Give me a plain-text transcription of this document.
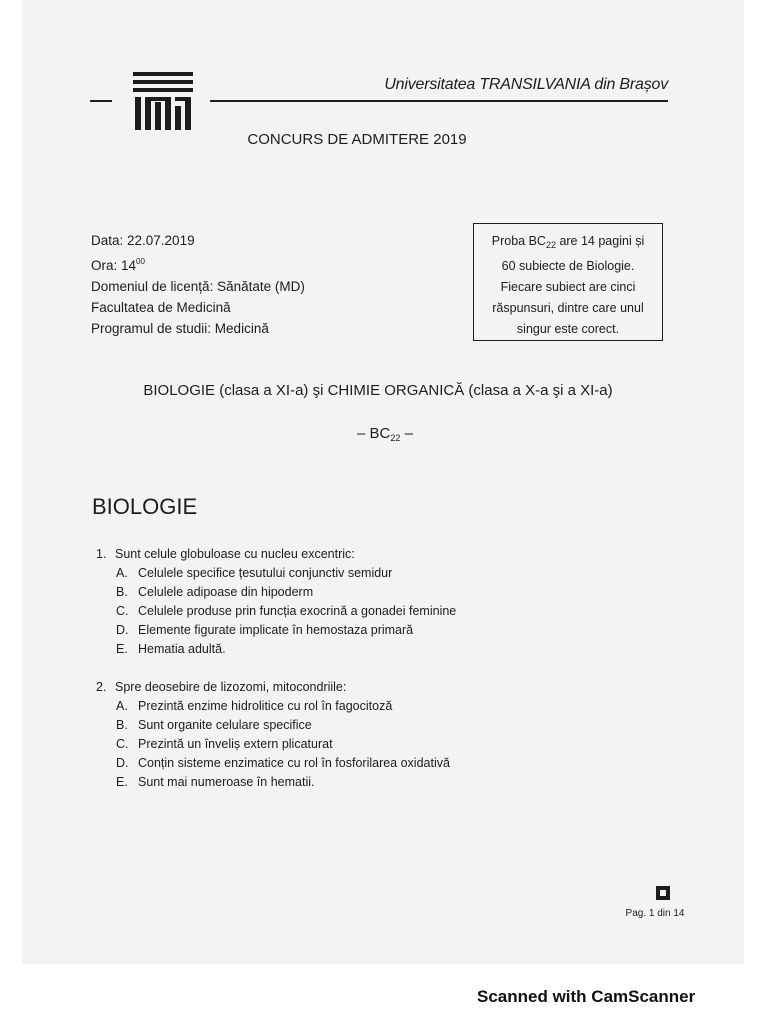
Universitatea TRANSILVANIA din Brașov
CONCURS DE ADMITERE 2019
Data: 22.07.2019
Ora: $14^{00}$
Domeniul de licență: Sănătate (MD)
Facultatea de Medicină
Programul de studii: Medicină
Proba $BC_{22}$ are 14 pagini și
60 subiecte de Biologie.
Fiecare subiect are cinci
răspunsuri, dintre care unul
singur este corect.
BIOLOGIE (clasa a XI-a) şi CHIMIE ORGANICĂ (clasa a X-a şi a XI-a)
– $BC_{22}$ –
BIOLOGIE
1. Sunt celule globuloase cu nucleu excentric:
A. Celulele specifice țesutului conjunctiv semidur
B. Celulele adipoase din hipoderm
C. Celulele produse prin funcția exocrină a gonadei feminine
D. Elemente figurate implicate în hemostaza primară
E. Hematia adultă.
2. Spre deosebire de lizozomi, mitocondriile:
A. Prezintă enzime hidrolitice cu rol în fagocitoză
B. Sunt organite celulare specifice
C. Prezintă un înveliș extern plicaturat
D. Conțin sisteme enzimatice cu rol în fosforilarea oxidativă
E. Sunt mai numeroase în hematii.
Pag. 1 din 14
Scanned with CamScanner
